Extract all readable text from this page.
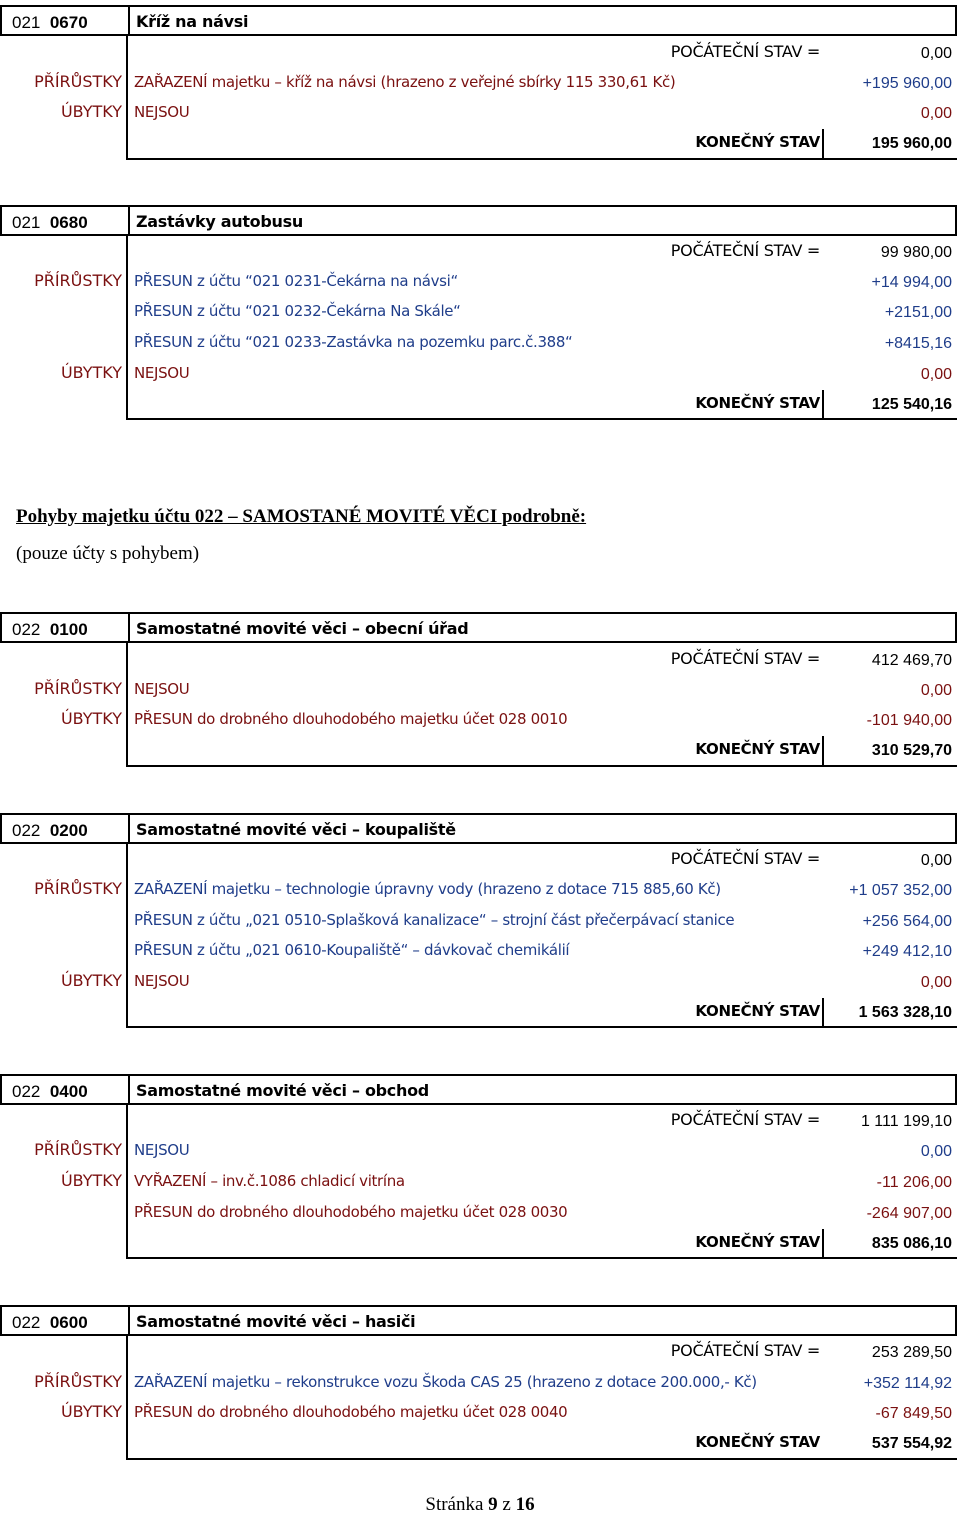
021 0670	Kříž na návsi
POČÁTEČNÍ STAV =	0,00
PŘÍRŮSTKY ZAŘAZENÍ majetku – kříž na návsi (hrazeno z veřejné sbírky 115 330,61 Kč)	+195 960,00
ÚBYTKY NEJSOU	0,00
KONEČNÝ STAV	195 960,00
021 0680	Zastávky autobusu
POČÁTEČNÍ STAV =	99 980,00
PŘÍRŮSTKY PŘESUN z účtu “021 0231-Čekárna na návsi“	+14 994,00
PŘESUN z účtu “021 0232-Čekárna Na Skále“	+2151,00
PŘESUN z účtu “021 0233-Zastávka na pozemku parc.č.388“	+8415,16
ÚBYTKY NEJSOU	0,00
KONEČNÝ STAV	125 540,16
Pohyby majetku účtu 022 – SAMOSTANÉ MOVITÉ VĚCI podrobně:
(pouze účty s pohybem)
022 0100	Samostatné movité věci – obecní úřad
POČÁTEČNÍ STAV =	412 469,70
PŘÍRŮSTKY NEJSOU	0,00
ÚBYTKY PŘESUN do drobného dlouhodobého majetku účet 028 0010	-101 940,00
KONEČNÝ STAV	310 529,70
022 0200	Samostatné movité věci – koupaliště
POČÁTEČNÍ STAV =	0,00
PŘÍRŮSTKY ZAŘAZENÍ majetku – technologie úpravny vody (hrazeno z dotace 715 885,60 Kč)	+1 057 352,00
PŘESUN z účtu „021 0510-Splašková kanalizace“ – strojní část přečerpávací stanice	+256 564,00
PŘESUN z účtu „021 0610-Koupaliště“ – dávkovač chemikálií	+249 412,10
ÚBYTKY NEJSOU	0,00
KONEČNÝ STAV 1 563 328,10
022 0400	Samostatné movité věci – obchod
POČÁTEČNÍ STAV =	1 111 199,10
PŘÍRŮSTKY NEJSOU	0,00
ÚBYTKY VYŘAZENÍ – inv.č.1086 chladicí vitrína	-11 206,00
PŘESUN do drobného dlouhodobého majetku účet 028 0030	-264 907,00
KONEČNÝ STAV	835 086,10
022 0600	Samostatné movité věci – hasiči
POČÁTEČNÍ STAV =	253 289,50
PŘÍRŮSTKY ZAŘAZENÍ majetku – rekonstrukce vozu Škoda CAS 25 (hrazeno z dotace 200.000,- Kč)	+352 114,92
ÚBYTKY PŘESUN do drobného dlouhodobého majetku účet 028 0040	-67 849,50
KONEČNÝ STAV	537 554,92
Stránka 9 z 16
